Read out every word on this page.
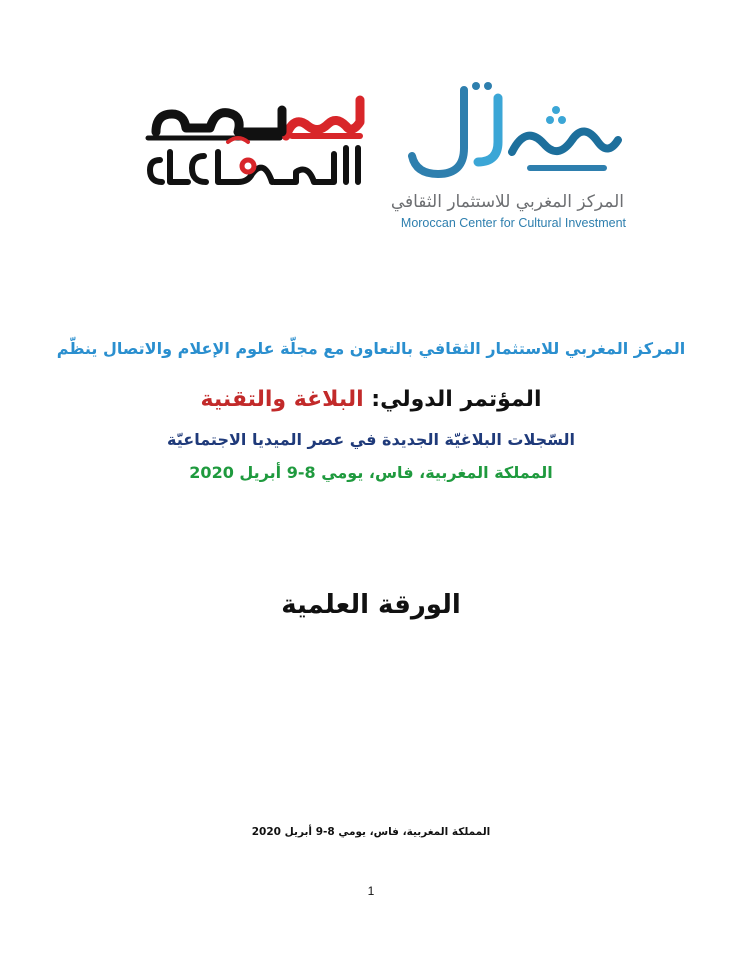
المركز المغربي للاستثمار الثقافي
Moroccan Center for Cultural Investment
المركز المغربي للاستثمار الثقافي بالتعاون مع مجلّة علوم الإعلام والاتصال ينظّم
المؤتمر الدولي: البلاغة والتقنية
السّجلات البلاغيّة الجديدة في عصر الميديا الاجتماعيّة
المملكة المغربية، فاس، يومي 8-9 أبريل 2020
الورقة العلمية
المملكة المغربية، فاس، يومي 8-9 أبريل 2020
1
